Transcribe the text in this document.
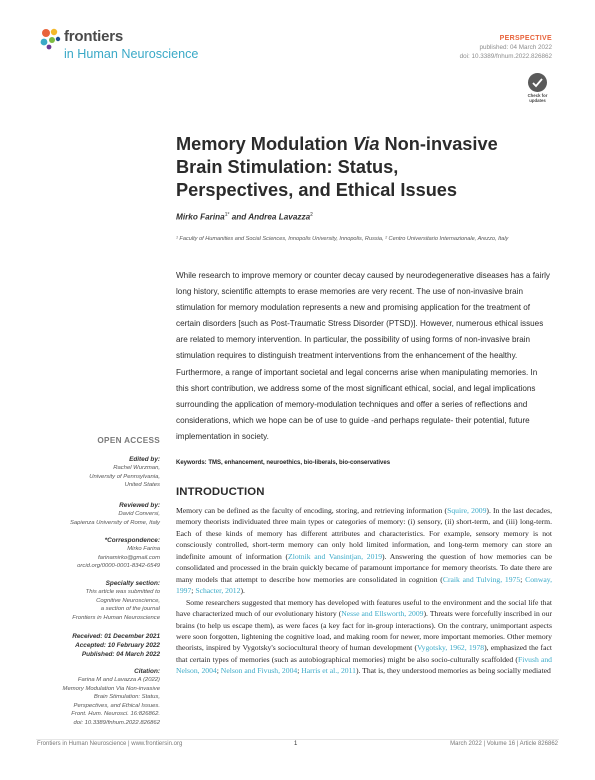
frontiers
in Human Neuroscience
PERSPECTIVE
published: 04 March 2022
doi: 10.3389/fnhum.2022.826862
Check for
updates
Memory Modulation Via Non-invasive Brain Stimulation: Status, Perspectives, and Ethical Issues
Mirko Farina$^{1*}$ and Andrea Lavazza$^2$
¹ Faculty of Humanities and Social Sciences, Innopolis University, Innopolis, Russia, ² Centro Universitario Internazionale, Arezzo, Italy

While research to improve memory or counter decay caused by neurodegenerative diseases has a fairly long history, scientific attempts to erase memories are very recent. The use of non-invasive brain stimulation for memory modulation represents a new and promising application for the treatment of certain disorders [such as Post-Traumatic Stress Disorder (PTSD)]. However, numerous ethical issues are related to memory intervention. In particular, the possibility of using forms of non-invasive brain stimulation requires to distinguish treatment interventions from the enhancement of the healthy. Furthermore, a range of important societal and legal concerns arise when manipulating memories. In this short contribution, we address some of the most significant ethical, social, and legal implications surrounding the application of memory-modulation techniques and offer a series of reflections and considerations, which we hope can be of use to guide -and perhaps regulate- their potential, future implementation in society.

Keywords: TMS, enhancement, neuroethics, bio-liberals, bio-conservatives
INTRODUCTION

Memory can be defined as the faculty of encoding, storing, and retrieving information (Squire, 2009). In the last decades, memory theorists individuated three main types or categories of memory: (i) sensory, (ii) short-term, and (iii) long-term. Each of these kinds of memory has different attributes and characteristics. For example, sensory memory is not consciously controlled, short-term memory can only hold limited information, and long-term memory can store an indefinite amount of information (Zlotnik and Vansintjan, 2019). Answering the question of how memories can be consolidated and processed in the brain quickly became of paramount importance for memory theorists. To date there are many models that attempt to describe how memories are consolidated in cognition (Craik and Tulving, 1975; Conway, 1997; Schacter, 2012).

Some researchers suggested that memory has developed with features useful to the environment and the social life that have characterized much of our evolutionary history (Nesse and Ellsworth, 2009). Threats were forcefully inscribed in our brains (to help us escape them), as were faces (a key fact for in-group interactions). On the contrary, unimportant aspects were soon forgotten, lightening the cognitive load, and making room for newer, more important memories. Other memory theorists, inspired by Vygotsky's sociocultural theory of human development (Vygotsky, 1962, 1978), emphasized the fact that certain types of memories (such as autobiographical memories) might be also socio-culturally scaffolded (Fivush and Nelson, 2004; Nelson and Fivush, 2004; Harris et al., 2011). That is, they understood memories as being socially mediated

OPEN ACCESS
Edited by:
Rachel Wurzman,
University of Pennsylvania,
United States
Reviewed by:
David Conversi,
Sapienza University of Rome, Italy
*Correspondence:
Mirko Farina
farinamirko@gmail.com
orcid.org/0000-0001-8342-6549
Specialty section:
This article was submitted to
Cognitive Neuroscience,
a section of the journal
Frontiers in Human Neuroscience
Received: 01 December 2021
Accepted: 10 February 2022
Published: 04 March 2022
Citation:
Farina M and Lavazza A (2022)
Memory Modulation Via Non-invasive
Brain Stimulation: Status,
Perspectives, and Ethical Issues.
Front. Hum. Neurosci. 16:826862.
doi: 10.3389/fnhum.2022.826862
Frontiers in Human Neuroscience | www.frontiersin.org	1	March 2022 | Volume 16 | Article 826862
